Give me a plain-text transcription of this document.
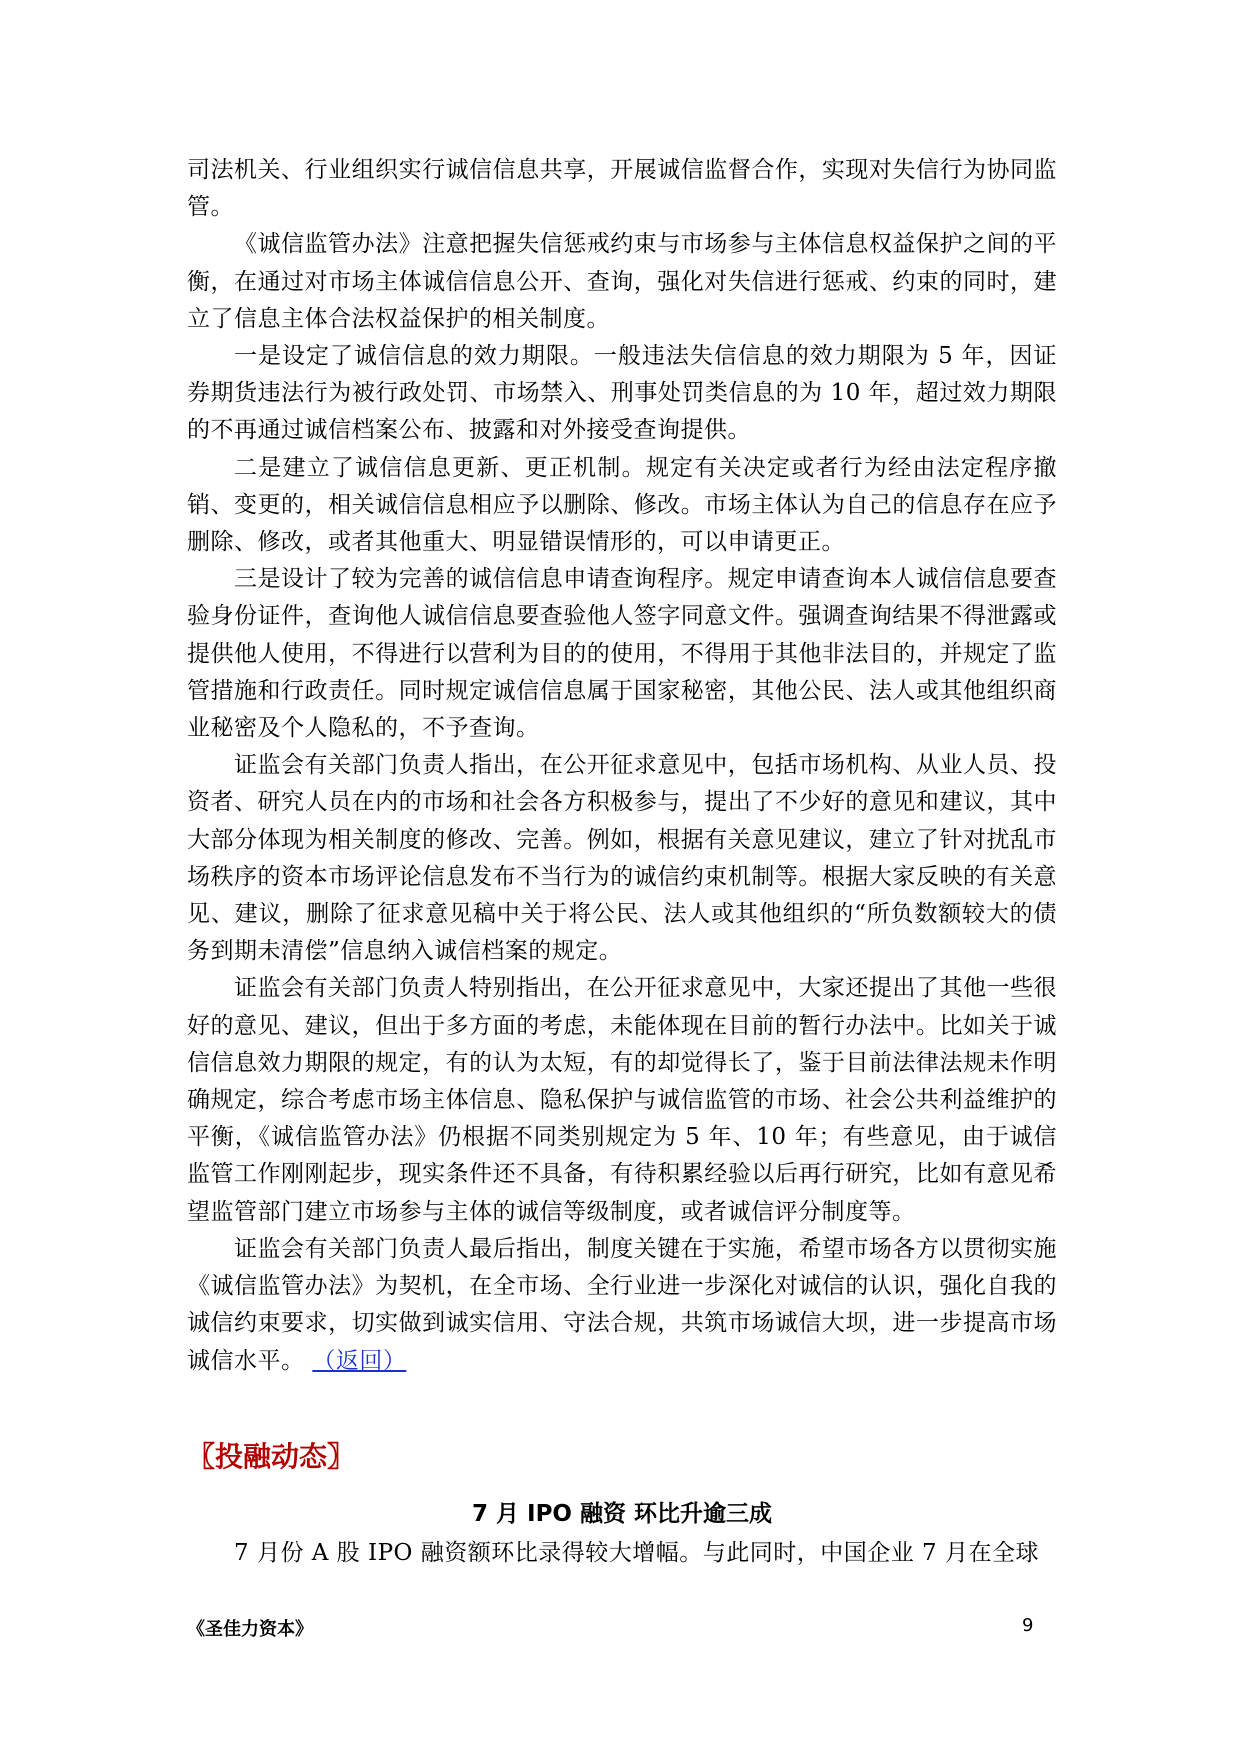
司法机关、行业组织实行诚信信息共享，开展诚信监督合作，实现对失信行为协同监管。

《诚信监管办法》注意把握失信惩戒约束与市场参与主体信息权益保护之间的平衡，在通过对市场主体诚信信息公开、查询，强化对失信进行惩戒、约束的同时，建立了信息主体合法权益保护的相关制度。

一是设定了诚信信息的效力期限。一般违法失信信息的效力期限为 5 年，因证券期货违法行为被行政处罚、市场禁入、刑事处罚类信息的为 10 年，超过效力期限的不再通过诚信档案公布、披露和对外接受查询提供。

二是建立了诚信信息更新、更正机制。规定有关决定或者行为经由法定程序撤销、变更的，相关诚信信息相应予以删除、修改。市场主体认为自己的信息存在应予删除、修改，或者其他重大、明显错误情形的，可以申请更正。

三是设计了较为完善的诚信信息申请查询程序。规定申请查询本人诚信信息要查验身份证件，查询他人诚信信息要查验他人签字同意文件。强调查询结果不得泄露或提供他人使用，不得进行以营利为目的的使用，不得用于其他非法目的，并规定了监管措施和行政责任。同时规定诚信信息属于国家秘密，其他公民、法人或其他组织商业秘密及个人隐私的，不予查询。

证监会有关部门负责人指出，在公开征求意见中，包括市场机构、从业人员、投资者、研究人员在内的市场和社会各方积极参与，提出了不少好的意见和建议，其中大部分体现为相关制度的修改、完善。例如，根据有关意见建议，建立了针对扰乱市场秩序的资本市场评论信息发布不当行为的诚信约束机制等。根据大家反映的有关意见、建议，删除了征求意见稿中关于将公民、法人或其他组织的“所负数额较大的债务到期未清偿”信息纳入诚信档案的规定。

证监会有关部门负责人特别指出，在公开征求意见中，大家还提出了其他一些很好的意见、建议，但出于多方面的考虑，未能体现在目前的暂行办法中。比如关于诚信信息效力期限的规定，有的认为太短，有的却觉得长了，鉴于目前法律法规未作明确规定，综合考虑市场主体信息、隐私保护与诚信监管的市场、社会公共利益维护的平衡，《诚信监管办法》仍根据不同类别规定为 5 年、10 年；有些意见，由于诚信监管工作刚刚起步，现实条件还不具备，有待积累经验以后再行研究，比如有意见希望监管部门建立市场参与主体的诚信等级制度，或者诚信评分制度等。

证监会有关部门负责人最后指出，制度关键在于实施，希望市场各方以贯彻实施《诚信监管办法》为契机，在全市场、全行业进一步深化对诚信的认识，强化自我的诚信约束要求，切实做到诚实信用、守法合规，共筑市场诚信大坝，进一步提高市场诚信水平。 （返回）

〖投融动态〗
7 月 IPO 融资 环比升逾三成

7 月份 A 股 IPO 融资额环比录得较大增幅。与此同时，中国企业 7 月在全球

《圣佳力资本》	9
